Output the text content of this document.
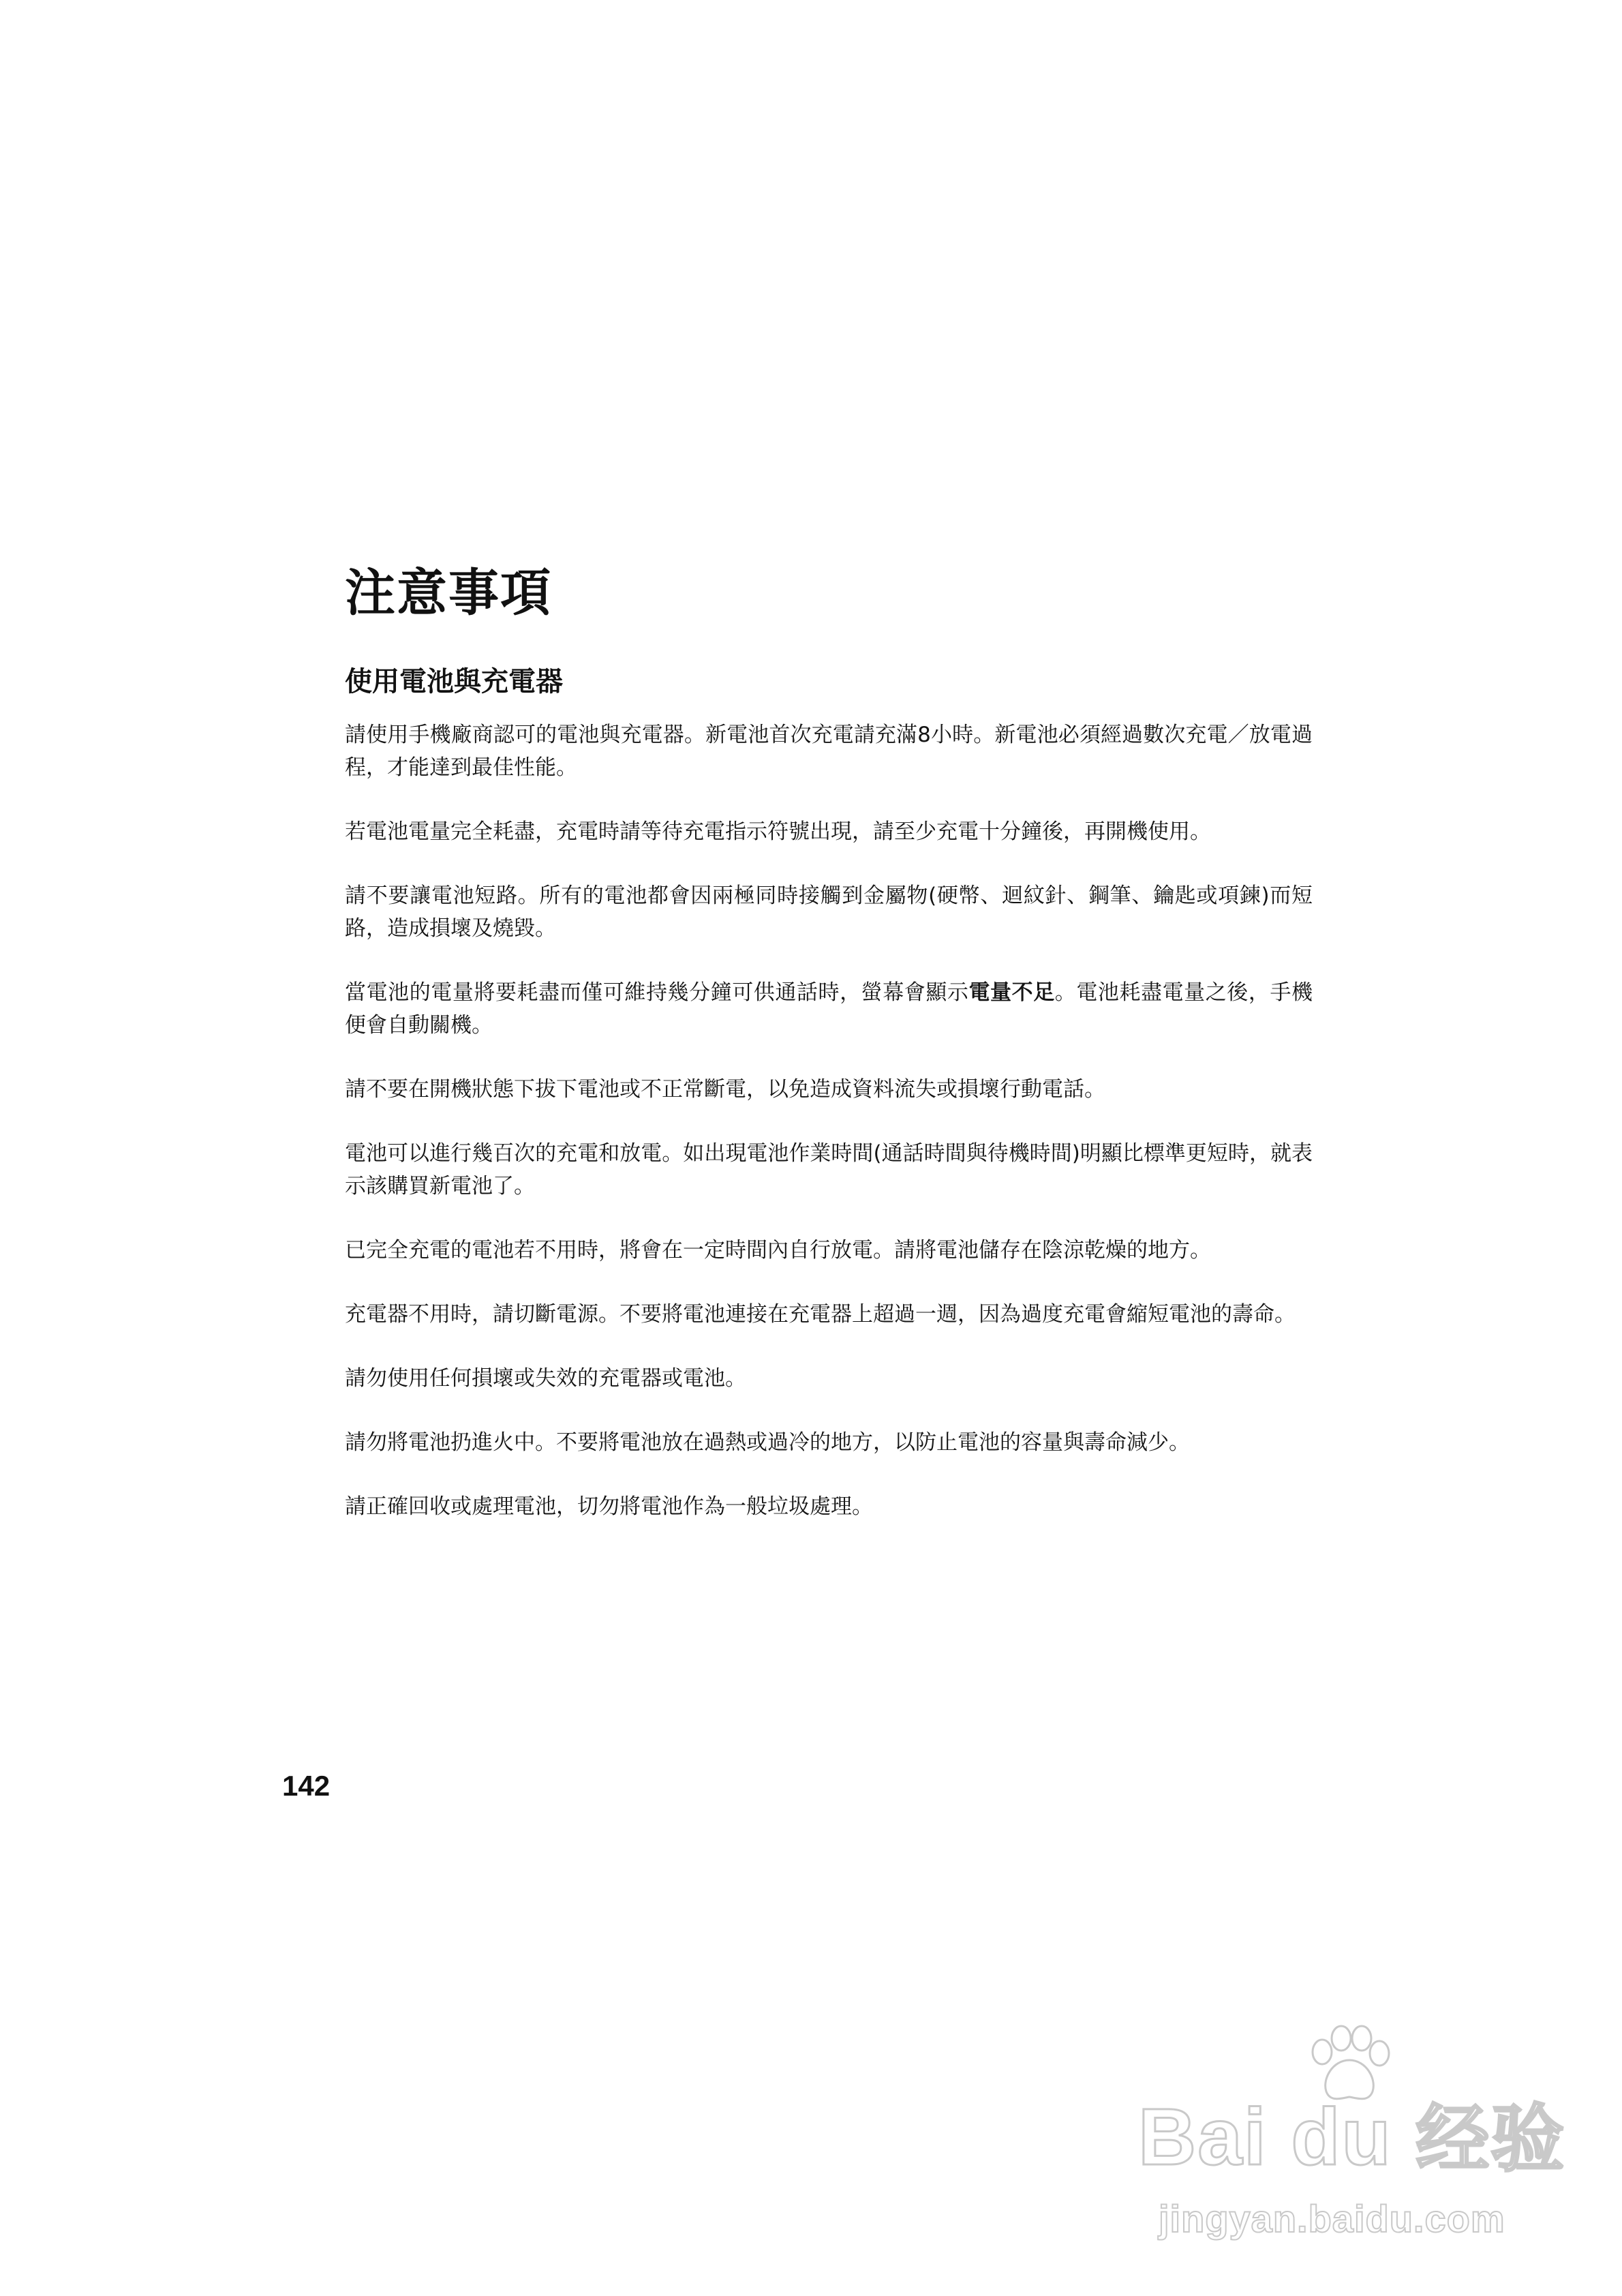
注意事項
使用電池與充電器

請使用手機廠商認可的電池與充電器。新電池首次充電請充滿8小時。新電池必須經過數次充電／放電過程，才能達到最佳性能。

若電池電量完全耗盡，充電時請等待充電指示符號出現，請至少充電十分鐘後，再開機使用。

請不要讓電池短路。所有的電池都會因兩極同時接觸到金屬物(硬幣、迴紋針、鋼筆、鑰匙或項鍊)而短路，造成損壞及燒毀。

當電池的電量將要耗盡而僅可維持幾分鐘可供通話時，螢幕會顯示電量不足。電池耗盡電量之後，手機便會自動關機。

請不要在開機狀態下拔下電池或不正常斷電，以免造成資料流失或損壞行動電話。

電池可以進行幾百次的充電和放電。如出現電池作業時間(通話時間與待機時間)明顯比標準更短時，就表示該購買新電池了。

已完全充電的電池若不用時，將會在一定時間內自行放電。請將電池儲存在陰涼乾燥的地方。

充電器不用時，請切斷電源。不要將電池連接在充電器上超過一週，因為過度充電會縮短電池的壽命。

請勿使用任何損壞或失效的充電器或電池。

請勿將電池扔進火中。不要將電池放在過熱或過冷的地方，以防止電池的容量與壽命減少。

請正確回收或處理電池，切勿將電池作為一般垃圾處理。

142
Bai du 经验
jingyan.baidu.com
